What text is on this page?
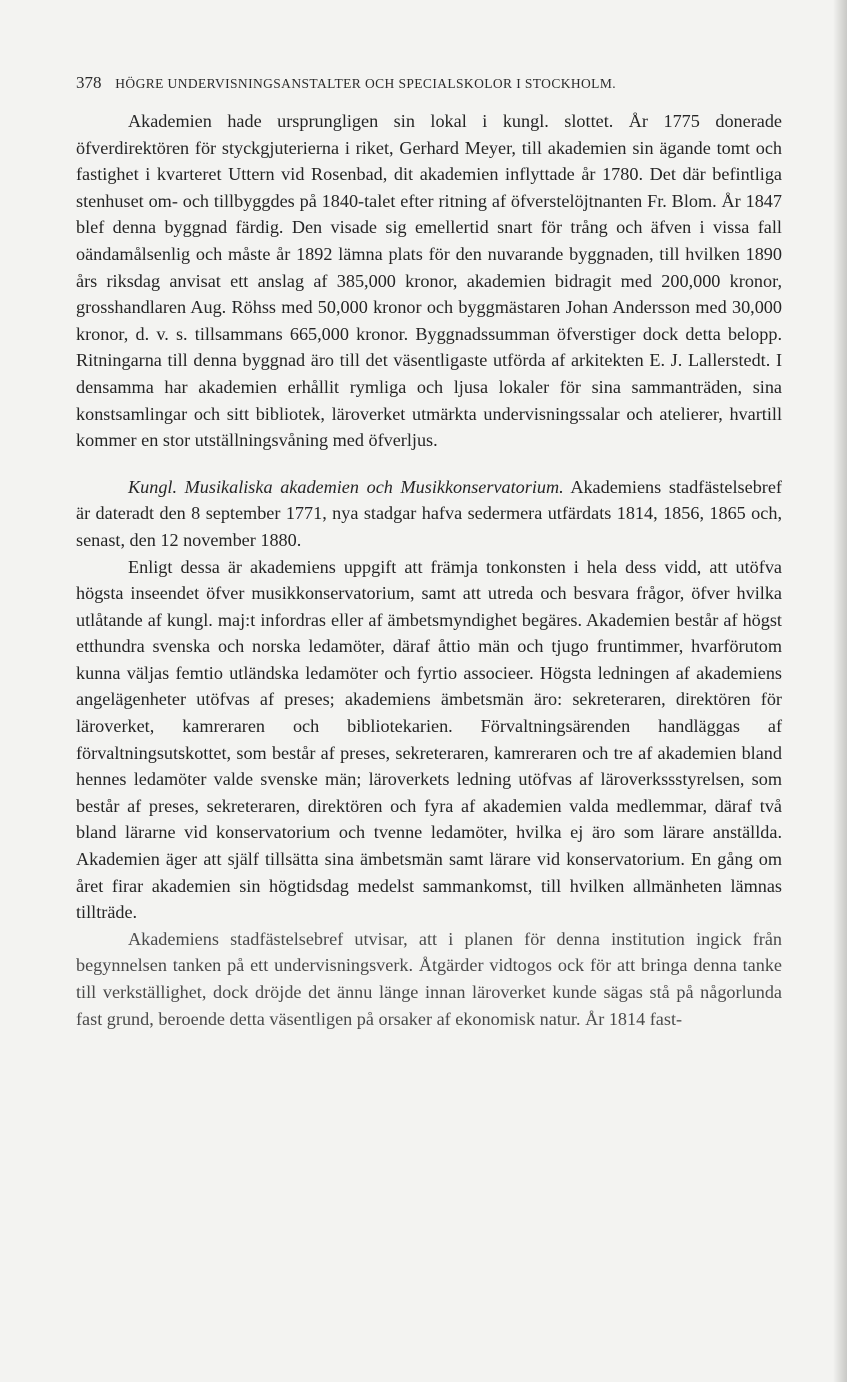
378 HÖGRE UNDERVISNINGSANSTALTER OCH SPECIALSKOLOR I STOCKHOLM.

Akademien hade ursprungligen sin lokal i kungl. slottet. År 1775 donerade öfverdirektören för styckgjuterierna i riket, Gerhard Meyer, till akademien sin ägande tomt och fastighet i kvarteret Uttern vid Rosenbad, dit akademien inflyttade år 1780. Det där befintliga stenhuset om- och tillbyggdes på 1840-talet efter ritning af öfverstelöjtnanten Fr. Blom. År 1847 blef denna byggnad färdig. Den visade sig emellertid snart för trång och äfven i vissa fall oändamålsenlig och måste år 1892 lämna plats för den nuvarande byggnaden, till hvilken 1890 års riksdag anvisat ett anslag af 385,000 kronor, akademien bidragit med 200,000 kronor, grosshandlaren Aug. Röhss med 50,000 kronor och byggmästaren Johan Andersson med 30,000 kronor, d. v. s. tillsammans 665,000 kronor. Byggnadssumman öfverstiger dock detta belopp. Ritningarna till denna byggnad äro till det väsentligaste utförda af arkitekten E. J. Lallerstedt. I densamma har akademien erhållit rymliga och ljusa lokaler för sina sammanträden, sina konstsamlingar och sitt bibliotek, läroverket utmärkta undervisningssalar och atelierer, hvartill kommer en stor utställningsvåning med öfverljus.

Kungl. Musikaliska akademien och Musikkonservatorium. Akademiens stadfästelsebref är dateradt den 8 september 1771, nya stadgar hafva sedermera utfärdats 1814, 1856, 1865 och, senast, den 12 november 1880.

Enligt dessa är akademiens uppgift att främja tonkonsten i hela dess vidd, att utöfva högsta inseendet öfver musikkonservatorium, samt att utreda och besvara frågor, öfver hvilka utlåtande af kungl. maj:t infordras eller af ämbetsmyndighet begäres. Akademien består af högst etthundra svenska och norska ledamöter, däraf åttio män och tjugo fruntimmer, hvarförutom kunna väljas femtio utländska ledamöter och fyrtio associeer. Högsta ledningen af akademiens angelägenheter utöfvas af preses; akademiens ämbetsmän äro: sekreteraren, direktören för läroverket, kamreraren och bibliotekarien. Förvaltningsärenden handläggas af förvaltningsutskottet, som består af preses, sekreteraren, kamreraren och tre af akademien bland hennes ledamöter valde svenske män; läroverkets ledning utöfvas af läroverkssstyrelsen, som består af preses, sekreteraren, direktören och fyra af akademien valda medlemmar, däraf två bland lärarne vid konservatorium och tvenne ledamöter, hvilka ej äro som lärare anställda. Akademien äger att själf tillsätta sina ämbetsmän samt lärare vid konservatorium. En gång om året firar akademien sin högtidsdag medelst sammankomst, till hvilken allmänheten lämnas tillträde.

Akademiens stadfästelsebref utvisar, att i planen för denna institution ingick från begynnelsen tanken på ett undervisningsverk. Åtgärder vidtogos ock för att bringa denna tanke till verkställighet, dock dröjde det ännu länge innan läroverket kunde sägas stå på någorlunda fast grund, beroende detta väsentligen på orsaker af ekonomisk natur. År 1814 fast-
